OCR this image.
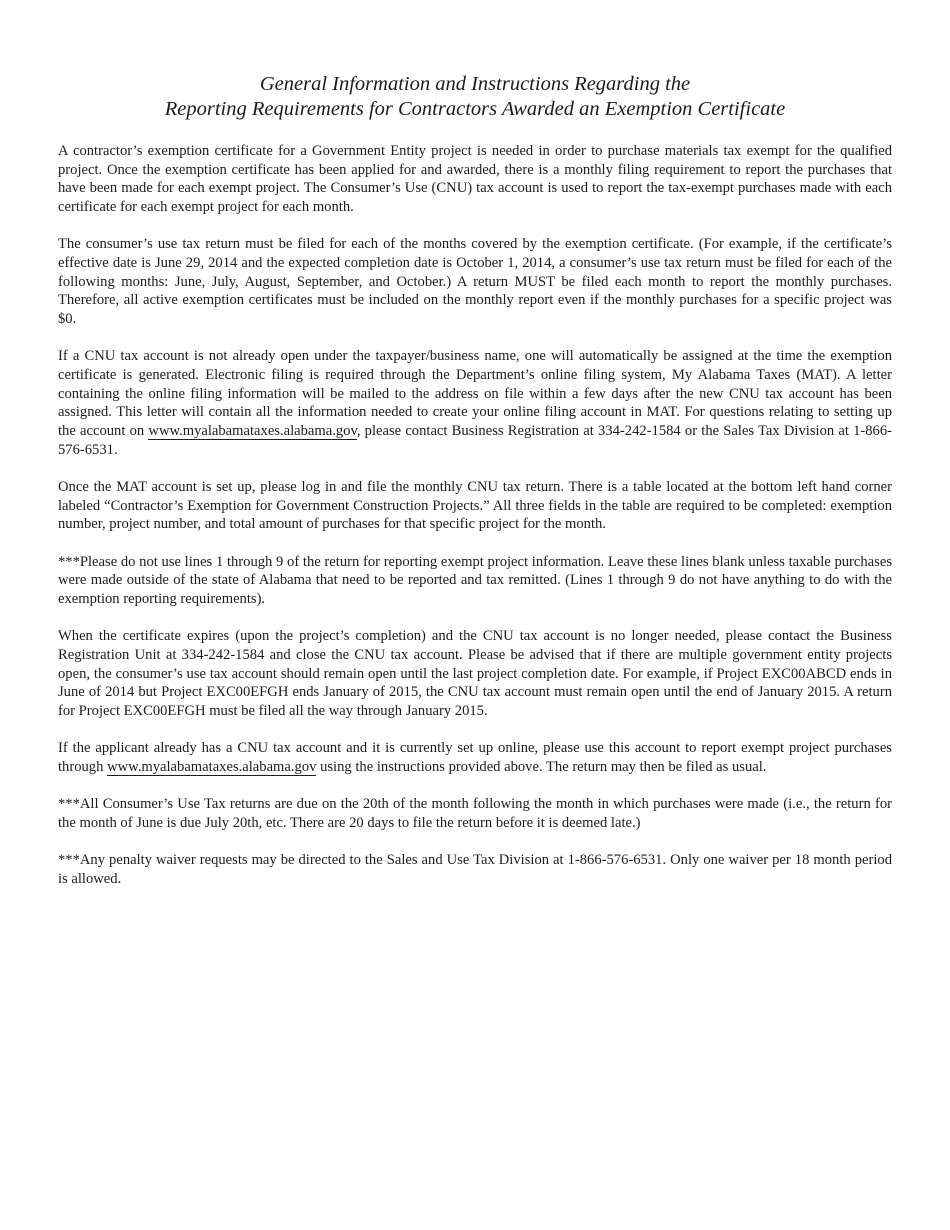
General Information and Instructions Regarding the
Reporting Requirements for Contractors Awarded an Exemption Certificate

A contractor’s exemption certificate for a Government Entity project is needed in order to purchase materials tax exempt for the qualified project. Once the exemption certificate has been applied for and awarded, there is a monthly filing requirement to report the purchases that have been made for each exempt project. The Consumer’s Use (CNU) tax account is used to report the tax-exempt purchases made with each certificate for each exempt project for each month.

The consumer’s use tax return must be filed for each of the months covered by the exemption certificate. (For example, if the certificate’s effective date is June 29, 2014 and the expected completion date is October 1, 2014, a consumer’s use tax return must be filed for each of the following months: June, July, August, September, and October.) A return MUST be filed each month to report the monthly purchases. Therefore, all active exemption certificates must be included on the monthly report even if the monthly purchases for a specific project was $0.

If a CNU tax account is not already open under the taxpayer/business name, one will automatically be assigned at the time the exemption certificate is generated. Electronic filing is required through the Department’s online filing system, My Alabama Taxes (MAT). A letter containing the online filing information will be mailed to the address on file within a few days after the new CNU tax account has been assigned. This letter will contain all the information needed to create your online filing account in MAT. For questions relating to setting up the account on www.myalabamataxes.alabama.gov, please contact Business Registration at 334-242-1584 or the Sales Tax Division at 1-866-576-6531.

Once the MAT account is set up, please log in and file the monthly CNU tax return. There is a table located at the bottom left hand corner labeled “Contractor’s Exemption for Government Construction Projects.” All three fields in the table are required to be completed: exemption number, project number, and total amount of purchases for that specific project for the month.

***Please do not use lines 1 through 9 of the return for reporting exempt project information. Leave these lines blank unless taxable purchases were made outside of the state of Alabama that need to be reported and tax remitted. (Lines 1 through 9 do not have anything to do with the exemption reporting requirements).

When the certificate expires (upon the project’s completion) and the CNU tax account is no longer needed, please contact the Business Registration Unit at 334-242-1584 and close the CNU tax account. Please be advised that if there are multiple government entity projects open, the consumer’s use tax account should remain open until the last project completion date. For example, if Project EXC00ABCD ends in June of 2014 but Project EXC00EFGH ends January of 2015, the CNU tax account must remain open until the end of January 2015. A return for Project EXC00EFGH must be filed all the way through January 2015.

If the applicant already has a CNU tax account and it is currently set up online, please use this account to report exempt project purchases through www.myalabamataxes.alabama.gov using the instructions provided above. The return may then be filed as usual.

***All Consumer’s Use Tax returns are due on the 20th of the month following the month in which purchases were made (i.e., the return for the month of June is due July 20th, etc. There are 20 days to file the return before it is deemed late.)

***Any penalty waiver requests may be directed to the Sales and Use Tax Division at 1-866-576-6531. Only one waiver per 18 month period is allowed.
